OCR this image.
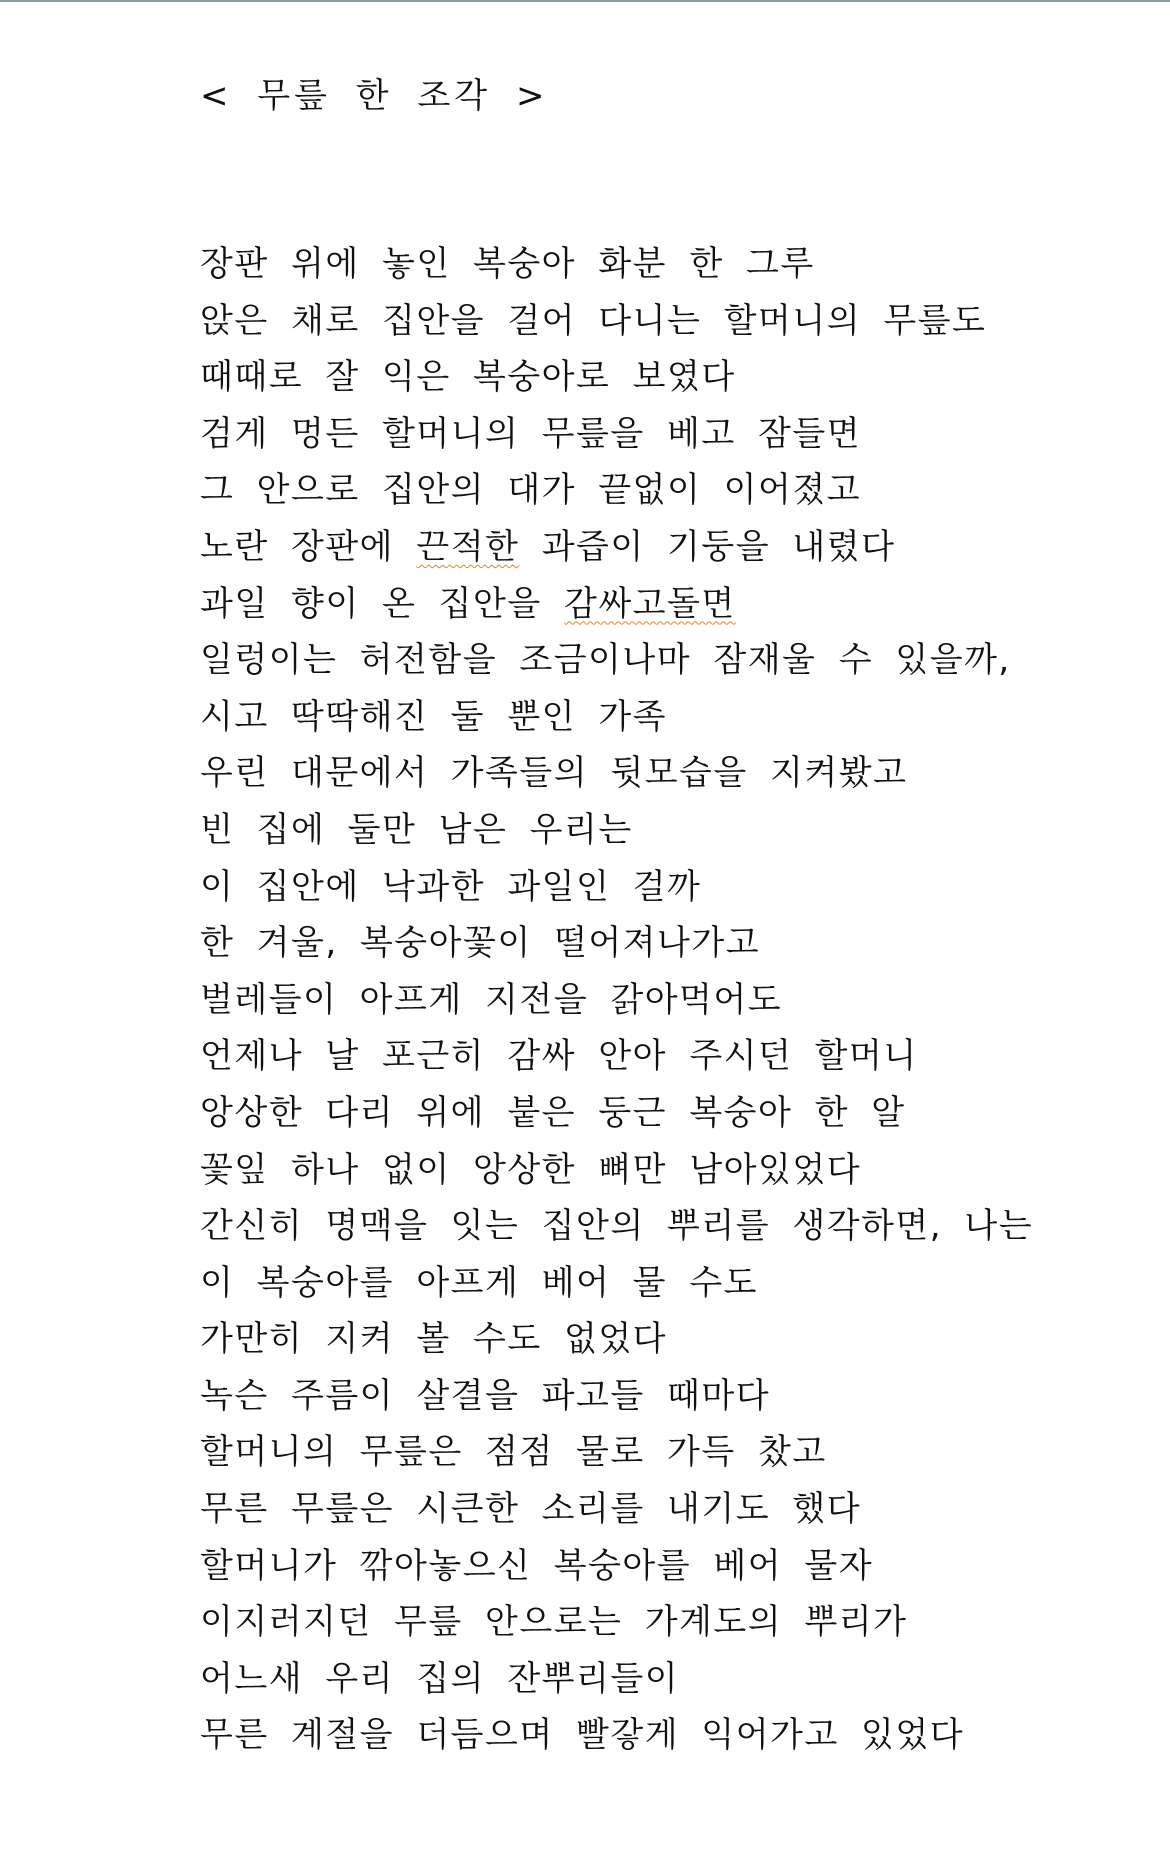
< 무릎 한 조각 >
장판 위에 놓인 복숭아 화분 한 그루
앉은 채로 집안을 걸어 다니는 할머니의 무릎도
때때로 잘 익은 복숭아로 보였다
검게 멍든 할머니의 무릎을 베고 잠들면
그 안으로 집안의 대가 끝없이 이어졌고
노란 장판에 끈적한 과즙이 기둥을 내렸다
과일 향이 온 집안을 감싸고돌면
일렁이는 허전함을 조금이나마 잠재울 수 있을까,
시고 딱딱해진 둘 뿐인 가족
우린 대문에서 가족들의 뒷모습을 지켜봤고
빈 집에 둘만 남은 우리는
이 집안에 낙과한 과일인 걸까
한 겨울, 복숭아꽃이 떨어져나가고
벌레들이 아프게 지전을 갉아먹어도
언제나 날 포근히 감싸 안아 주시던 할머니
앙상한 다리 위에 붙은 둥근 복숭아 한 알
꽃잎 하나 없이 앙상한 뼈만 남아있었다
간신히 명맥을 잇는 집안의 뿌리를 생각하면, 나는
이 복숭아를 아프게 베어 물 수도
가만히 지켜 볼 수도 없었다
녹슨 주름이 살결을 파고들 때마다
할머니의 무릎은 점점 물로 가득 찼고
무른 무릎은 시큰한 소리를 내기도 했다
할머니가 깎아놓으신 복숭아를 베어 물자
이지러지던 무릎 안으로는 가계도의 뿌리가
어느새 우리 집의 잔뿌리들이
무른 계절을 더듬으며 빨갛게 익어가고 있었다
